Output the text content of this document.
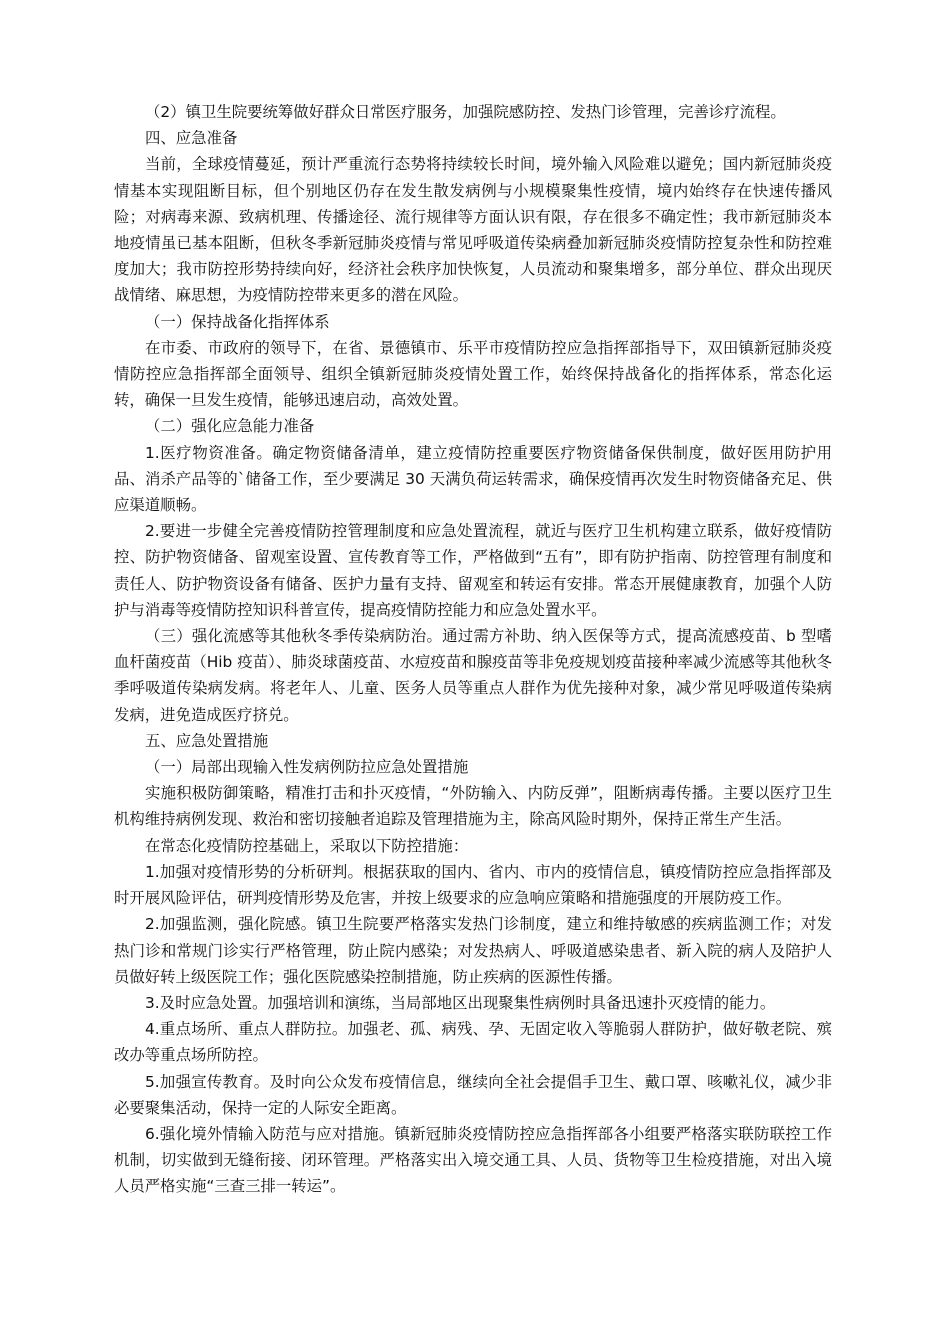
（2）镇卫生院要统筹做好群众日常医疗服务，加强院感防控、发热门诊管理，完善诊疗流程。

四、应急准备

当前，全球疫情蔓延，预计严重流行态势将持续较长时间，境外输入风险难以避免；国内新冠肺炎疫情基本实现阻断目标，但个别地区仍存在发生散发病例与小规模聚集性疫情，境内始终存在快速传播风险；对病毒来源、致病机理、传播途径、流行规律等方面认识有限，存在很多不确定性；我市新冠肺炎本地疫情虽已基本阻断，但秋冬季新冠肺炎疫情与常见呼吸道传染病叠加新冠肺炎疫情防控复杂性和防控难度加大；我市防控形势持续向好，经济社会秩序加快恢复，人员流动和聚集增多，部分单位、群众出现厌战情绪、麻思想，为疫情防控带来更多的潜在风险。

（一）保持战备化指挥体系

在市委、市政府的领导下，在省、景德镇市、乐平市疫情防控应急指挥部指导下，双田镇新冠肺炎疫情防控应急指挥部全面领导、组织全镇新冠肺炎疫情处置工作，始终保持战备化的指挥体系，常态化运转，确保一旦发生疫情，能够迅速启动，高效处置。

（二）强化应急能力准备

1.医疗物资准备。确定物资储备清单，建立疫情防控重要医疗物资储备保供制度，做好医用防护用品、消杀产品等的`储备工作，至少要满足 30 天满负荷运转需求，确保疫情再次发生时物资储备充足、供应渠道顺畅。

2.要进一步健全完善疫情防控管理制度和应急处置流程，就近与医疗卫生机构建立联系，做好疫情防控、防护物资储备、留观室设置、宣传教育等工作，严格做到“五有”，即有防护指南、防控管理有制度和责任人、防护物资设备有储备、医护力量有支持、留观室和转运有安排。常态开展健康教育，加强个人防护与消毒等疫情防控知识科普宣传，提高疫情防控能力和应急处置水平。

（三）强化流感等其他秋冬季传染病防治。通过需方补助、纳入医保等方式，提高流感疫苗、b 型嗜血杆菌疫苗（Hib 疫苗）、肺炎球菌疫苗、水痘疫苗和腺疫苗等非免疫规划疫苗接种率减少流感等其他秋冬季呼吸道传染病发病。将老年人、儿童、医务人员等重点人群作为优先接种对象，减少常见呼吸道传染病发病，进免造成医疗挤兑。

五、应急处置措施

（一）局部出现输入性发病例防拉应急处置措施

实施积极防御策略，精准打击和扑灭疫情，“外防输入、内防反弹”，阻断病毒传播。主要以医疗卫生机构维持病例发现、救治和密切接触者追踪及管理措施为主，除高风险时期外，保持正常生产生活。

在常态化疫情防控基础上，采取以下防控措施：

1.加强对疫情形势的分析研判。根据获取的国内、省内、市内的疫情信息，镇疫情防控应急指挥部及时开展风险评估，研判疫情形势及危害，并按上级要求的应急响应策略和措施强度的开展防疫工作。

2.加强监测，强化院感。镇卫生院要严格落实发热门诊制度，建立和维持敏感的疾病监测工作；对发热门诊和常规门诊实行严格管理，防止院内感染；对发热病人、呼吸道感染患者、新入院的病人及陪护人员做好转上级医院工作；强化医院感染控制措施，防止疾病的医源性传播。

3.及时应急处置。加强培训和演练，当局部地区出现聚集性病例时具备迅速扑灭疫情的能力。

4.重点场所、重点人群防拉。加强老、孤、病残、孕、无固定收入等脆弱人群防护，做好敬老院、殡改办等重点场所防控。

5.加强宣传教育。及时向公众发布疫情信息，继续向全社会提倡手卫生、戴口罩、咳嗽礼仪，减少非必要聚集活动，保持一定的人际安全距离。

6.强化境外情输入防范与应对措施。镇新冠肺炎疫情防控应急指挥部各小组要严格落实联防联控工作机制，切实做到无缝衔接、闭环管理。严格落实出入境交通工具、人员、货物等卫生检疫措施，对出入境人员严格实施“三查三排一转运”。
